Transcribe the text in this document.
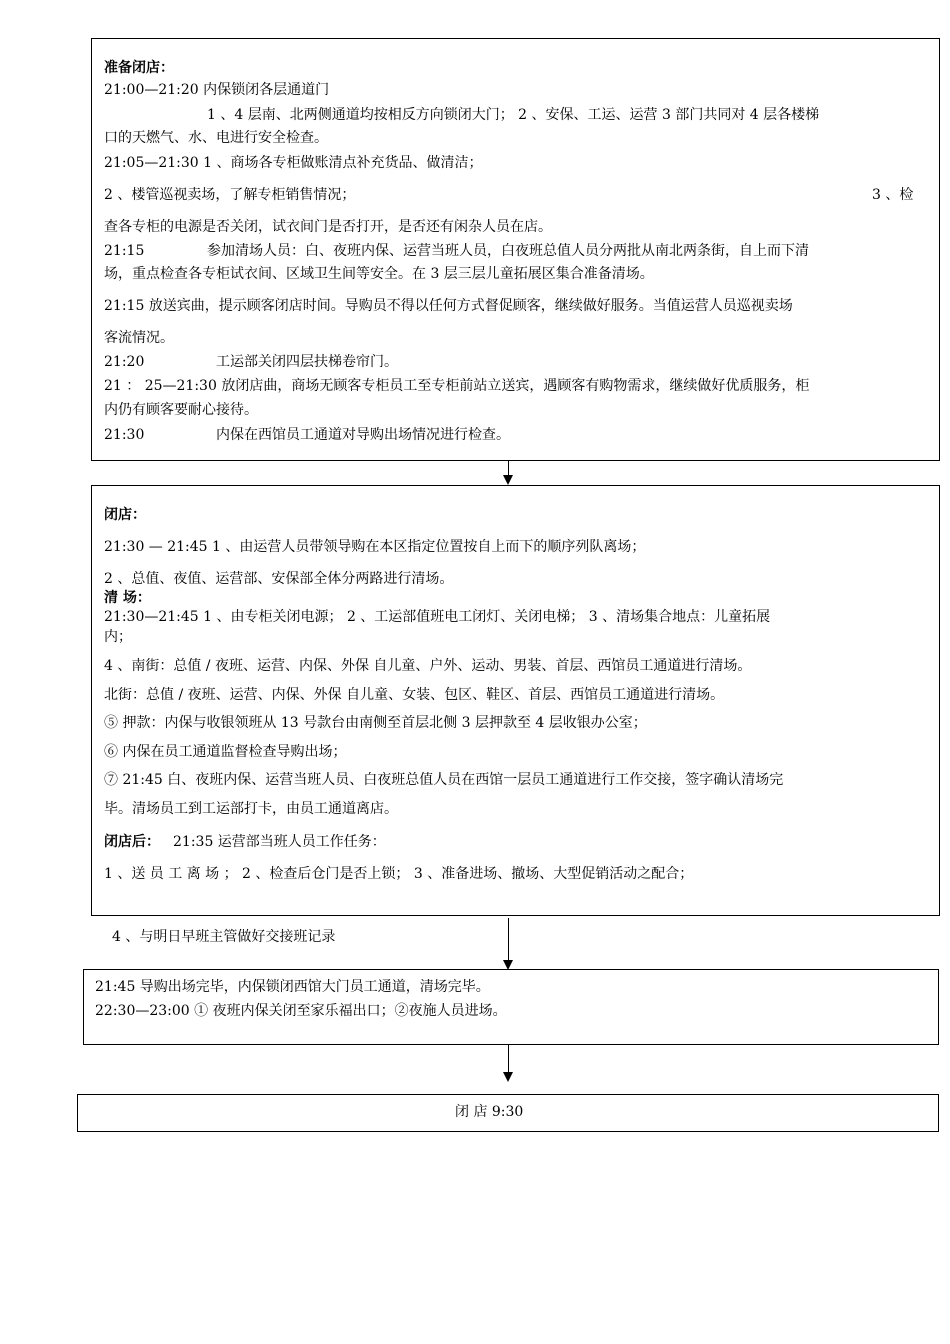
准备闭店：
21:00—21:20 内保锁闭各层通道门
1 、4 层南、北两侧通道均按相反方向锁闭大门； 2 、安保、工运、运营 3 部门共同对 4 层各楼梯
口的天燃气、水、电进行安全检查。
21:05—21:30 1 、商场各专柜做账清点补充货品、做清洁；
2 、楼管巡视卖场，了解专柜销售情况；	3 、检
查各专柜的电源是否关闭，试衣间门是否打开，是否还有闲杂人员在店。
21:15	参加清场人员：白、夜班内保、运营当班人员，白夜班总值人员分两批从南北两条街，自上而下清
场，重点检查各专柜试衣间、区域卫生间等安全。在 3 层三层儿童拓展区集合准备清场。
21:15 放送宾曲，提示顾客闭店时间。导购员不得以任何方式督促顾客，继续做好服务。当值运营人员巡视卖场
客流情况。
21:20	工运部关闭四层扶梯卷帘门。
21 ： 25—21:30 放闭店曲，商场无顾客专柜员工至专柜前站立送宾，遇顾客有购物需求，继续做好优质服务，柜
内仍有顾客要耐心接待。
21:30	内保在西馆员工通道对导购出场情况进行检查。
闭店：
21:30 — 21:45 1 、由运营人员带领导购在本区指定位置按自上而下的顺序列队离场；
2 、总值、夜值、运营部、安保部全体分两路进行清场。
清 场：
21:30—21:45 1 、由专柜关闭电源； 2 、工运部值班电工闭灯、关闭电梯； 3 、清场集合地点：儿童拓展
内；
4 、南街：总值 / 夜班、运营、内保、外保 自儿童、户外、运动、男装、首层、西馆员工通道进行清场。
北街：总值 / 夜班、运营、内保、外保 自儿童、女装、包区、鞋区、首层、西馆员工通道进行清场。
⑤ 押款：内保与收银领班从 13 号款台由南侧至首层北侧 3 层押款至 4 层收银办公室；
⑥ 内保在员工通道监督检查导购出场；
⑦ 21:45 白、夜班内保、运营当班人员、白夜班总值人员在西馆一层员工通道进行工作交接，签字确认清场完
毕。清场员工到工运部打卡，由员工通道离店。
闭店后： 21:35 运营部当班人员工作任务：
1 、送 员 工 离 场 ； 2 、检查后仓门是否上锁； 3 、准备进场、撤场、大型促销活动之配合；
4 、与明日早班主管做好交接班记录
21:45 导购出场完毕，内保锁闭西馆大门员工通道，清场完毕。
22:30—23:00 ① 夜班内保关闭至家乐福出口；②夜施人员进场。
闭 店 9:30
